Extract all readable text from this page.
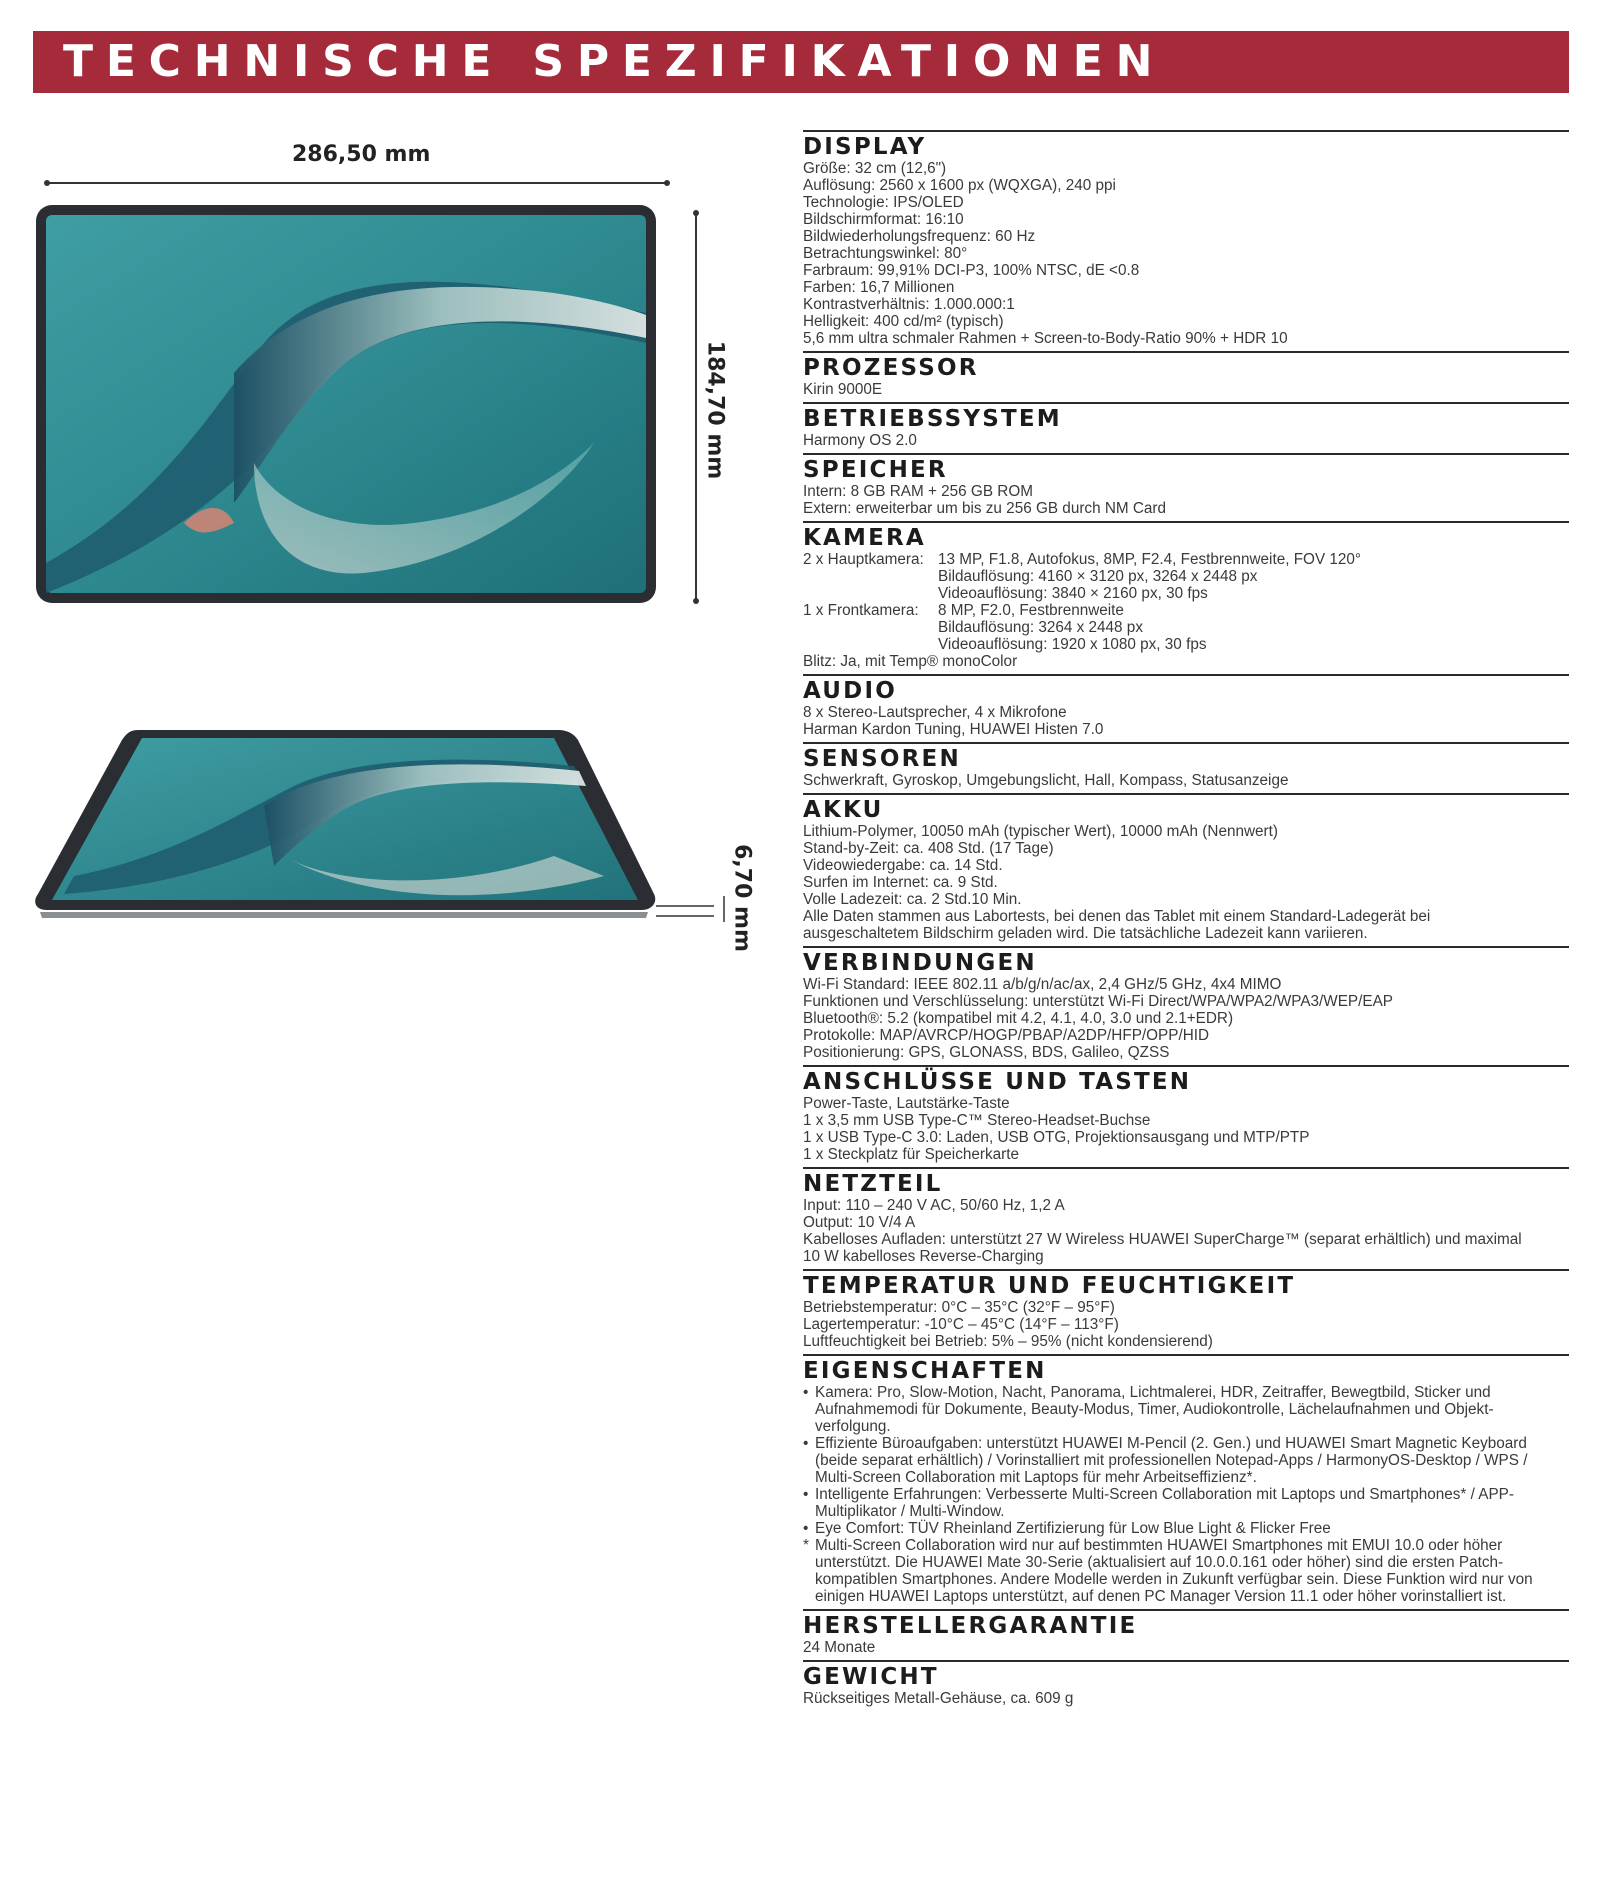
TECHNISCHE SPEZIFIKATIONEN
286,50 mm
184,70 mm
6,70 mm
DISPLAY
Größe: 32 cm (12,6")
Auflösung: 2560 x 1600 px (WQXGA), 240 ppi
Technologie: IPS/OLED
Bildschirmformat: 16:10
Bildwiederholungsfrequenz: 60 Hz
Betrachtungswinkel: 80°
Farbraum: 99,91% DCI-P3, 100% NTSC, dE <0.8
Farben: 16,7 Millionen
Kontrastverhältnis: 1.000.000:1
Helligkeit: 400 cd/m² (typisch)
5,6 mm ultra schmaler Rahmen + Screen-to-Body-Ratio 90% + HDR 10
PROZESSOR
Kirin 9000E
BETRIEBSSYSTEM
Harmony OS 2.0
SPEICHER
Intern: 8 GB RAM + 256 GB ROM
Extern: erweiterbar um bis zu 256 GB durch NM Card
KAMERA
2 x Hauptkamera: 13 MP, F1.8, Autofokus, 8MP, F2.4, Festbrennweite, FOV 120°
Bildauflösung: 4160 × 3120 px, 3264 x 2448 px
Videoauflösung: 3840 × 2160 px, 30 fps
1 x Frontkamera:	8 MP, F2.0, Festbrennweite
Bildauflösung: 3264 x 2448 px
Videoauflösung: 1920 x 1080 px, 30 fps
Blitz: Ja, mit Temp® monoColor
AUDIO
8 x Stereo-Lautsprecher, 4 x Mikrofone
Harman Kardon Tuning, HUAWEI Histen 7.0
SENSOREN
Schwerkraft, Gyroskop, Umgebungslicht, Hall, Kompass, Statusanzeige
AKKU
Lithium-Polymer, 10050 mAh (typischer Wert), 10000 mAh (Nennwert)
Stand-by-Zeit: ca. 408 Std. (17 Tage)
Videowiedergabe: ca. 14 Std.
Surfen im Internet: ca. 9 Std.
Volle Ladezeit: ca. 2 Std.10 Min.
Alle Daten stammen aus Labortests, bei denen das Tablet mit einem Standard-Ladegerät bei
ausgeschaltetem Bildschirm geladen wird. Die tatsächliche Ladezeit kann variieren.
VERBINDUNGEN
Wi-Fi Standard: IEEE 802.11 a/b/g/n/ac/ax, 2,4 GHz/5 GHz, 4x4 MIMO
Funktionen und Verschlüsselung: unterstützt Wi-Fi Direct/WPA/WPA2/WPA3/WEP/EAP
Bluetooth®: 5.2 (kompatibel mit 4.2, 4.1, 4.0, 3.0 und 2.1+EDR)
Protokolle: MAP/AVRCP/HOGP/PBAP/A2DP/HFP/OPP/HID
Positionierung: GPS, GLONASS, BDS, Galileo, QZSS
ANSCHLÜSSE UND TASTEN
Power-Taste, Lautstärke-Taste
1 x 3,5 mm USB Type-C™ Stereo-Headset-Buchse
1 x USB Type-C 3.0: Laden, USB OTG, Projektionsausgang und MTP/PTP
1 x Steckplatz für Speicherkarte
NETZTEIL
Input: 110 – 240 V AC, 50/60 Hz, 1,2 A
Output: 10 V/4 A
Kabelloses Aufladen: unterstützt 27 W Wireless HUAWEI SuperCharge™ (separat erhältlich) und maximal
10 W kabelloses Reverse-Charging
TEMPERATUR UND FEUCHTIGKEIT
Betriebstemperatur: 0°C – 35°C (32°F – 95°F)
Lagertemperatur: -10°C – 45°C (14°F – 113°F)
Luftfeuchtigkeit bei Betrieb: 5% – 95% (nicht kondensierend)
EIGENSCHAFTEN
• Kamera: Pro, Slow-Motion, Nacht, Panorama, Lichtmalerei, HDR, Zeitraffer, Bewegtbild, Sticker und Aufnahmemodi für Dokumente, Beauty-Modus, Timer, Audiokontrolle, Lächelaufnahmen und Objekt-verfolgung.
• Effiziente Büroaufgaben: unterstützt HUAWEI M-Pencil (2. Gen.) und HUAWEI Smart Magnetic Keyboard (beide separat erhältlich) / Vorinstalliert mit professionellen Notepad-Apps / HarmonyOS-Desktop / WPS / Multi-Screen Collaboration mit Laptops für mehr Arbeitseffizienz*.
• Intelligente Erfahrungen: Verbesserte Multi-Screen Collaboration mit Laptops und Smartphones* / APP-Multiplikator / Multi-Window.
• Eye Comfort: TÜV Rheinland Zertifizierung für Low Blue Light & Flicker Free
* Multi-Screen Collaboration wird nur auf bestimmten HUAWEI Smartphones mit EMUI 10.0 oder höher unterstützt. Die HUAWEI Mate 30-Serie (aktualisiert auf 10.0.0.161 oder höher) sind die ersten Patch-kompatiblen Smartphones. Andere Modelle werden in Zukunft verfügbar sein. Diese Funktion wird nur von einigen HUAWEI Laptops unterstützt, auf denen PC Manager Version 11.1 oder höher vorinstalliert ist.
HERSTELLERGARANTIE
24 Monate
GEWICHT
Rückseitiges Metall-Gehäuse, ca. 609 g
